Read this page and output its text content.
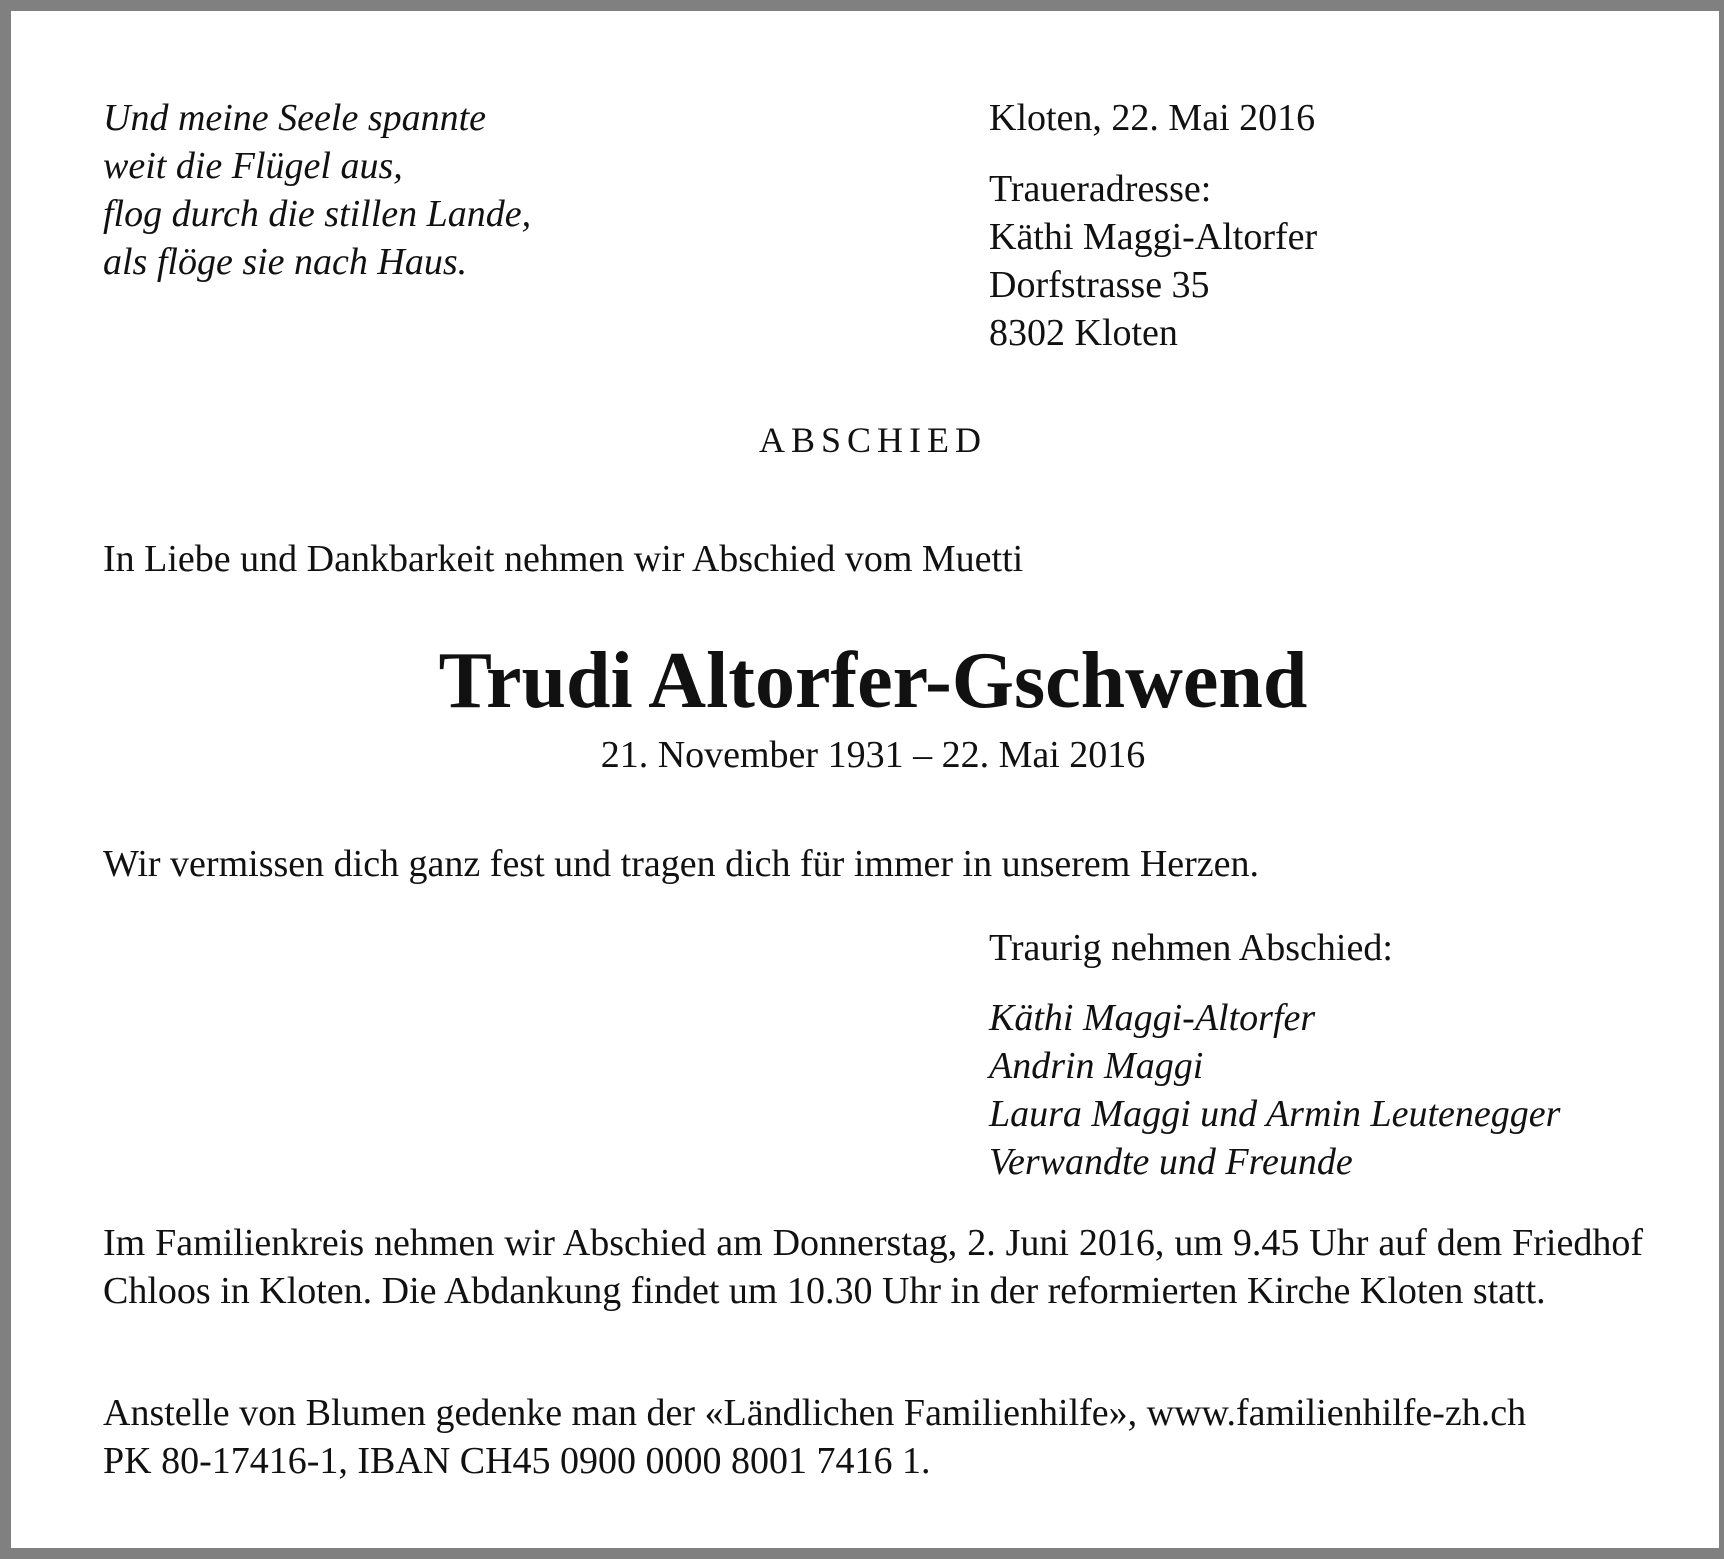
Und meine Seele spannte
weit die Flügel aus,
flog durch die stillen Lande,
als flöge sie nach Haus.

Kloten, 22. Mai 2016

Traueradresse:
Käthi Maggi-Altorfer
Dorfstrasse 35
8302 Kloten

ABSCHIED

In Liebe und Dankbarkeit nehmen wir Abschied vom Muetti

Trudi Altorfer-Gschwend

21. November 1931 – 22. Mai 2016

Wir vermissen dich ganz fest und tragen dich für immer in unserem Herzen.

Traurig nehmen Abschied:

Käthi Maggi-Altorfer
Andrin Maggi
Laura Maggi und Armin Leutenegger
Verwandte und Freunde

Im Familienkreis nehmen wir Abschied am Donnerstag, 2. Juni 2016, um 9.45 Uhr auf dem Friedhof Chloos in Kloten. Die Abdankung findet um 10.30 Uhr in der reformierten Kirche Kloten statt.

Anstelle von Blumen gedenke man der «Ländlichen Familienhilfe», www.familienhilfe-zh.ch
PK 80-17416-1, IBAN CH45 0900 0000 8001 7416 1.
